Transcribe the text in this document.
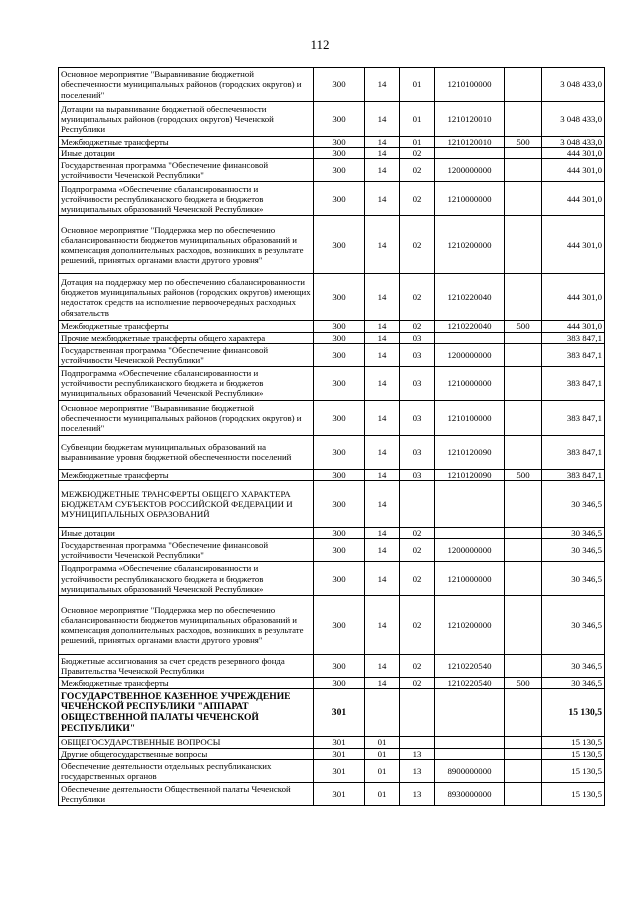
112
Основное мероприятие "Выравнивание бюджетной обеспеченности муниципальных районов (городских округов) и поселений"	300	14	01	1210100000		3 048 433,0
Дотации на выравнивание бюджетной обеспеченности муниципальных районов (городских округов) Чеченской Республики	300	14	01	1210120010		3 048 433,0
Межбюджетные трансферты	300	14	01	1210120010	500	3 048 433,0
Иные дотации	300	14	02			444 301,0
Государственная программа "Обеспечение финансовой устойчивости Чеченской Республики"	300	14	02	1200000000		444 301,0
Подпрограмма «Обеспечение сбалансированности и устойчивости республиканского бюджета и бюджетов муниципальных образований Чеченской Республики»	300	14	02	1210000000		444 301,0
Основное мероприятие "Поддержка мер по обеспечению сбалансированности бюджетов муниципальных образований и компенсация дополнительных расходов, возникших в результате решений, принятых органами власти другого уровня"	300	14	02	1210200000		444 301,0
Дотация на поддержку мер по обеспечению сбалансированности бюджетов муниципальных районов (городских округов) имеющих недостаток средств на исполнение первоочередных расходных обязательств	300	14	02	1210220040		444 301,0
Межбюджетные трансферты	300	14	02	1210220040	500	444 301,0
Прочие межбюджетные трансферты общего характера	300	14	03			383 847,1
Государственная программа "Обеспечение финансовой устойчивости Чеченской Республики"	300	14	03	1200000000		383 847,1
Подпрограмма «Обеспечение сбалансированности и устойчивости республиканского бюджета и бюджетов муниципальных образований Чеченской Республики»	300	14	03	1210000000		383 847,1
Основное мероприятие "Выравнивание бюджетной обеспеченности муниципальных районов (городских округов) и поселений"	300	14	03	1210100000		383 847,1
Субвенции бюджетам муниципальных образований на выравнивание уровня бюджетной обеспеченности поселений	300	14	03	1210120090		383 847,1
Межбюджетные трансферты	300	14	03	1210120090	500	383 847,1
МЕЖБЮДЖЕТНЫЕ ТРАНСФЕРТЫ ОБЩЕГО ХАРАКТЕРА БЮДЖЕТАМ СУБЪЕКТОВ РОССИЙСКОЙ ФЕДЕРАЦИИ И МУНИЦИПАЛЬНЫХ ОБРАЗОВАНИЙ	300	14				30 346,5
Иные дотации	300	14	02			30 346,5
Государственная программа "Обеспечение финансовой устойчивости Чеченской Республики"	300	14	02	1200000000		30 346,5
Подпрограмма «Обеспечение сбалансированности и устойчивости республиканского бюджета и бюджетов муниципальных образований Чеченской Республики»	300	14	02	1210000000		30 346,5
Основное мероприятие "Поддержка мер по обеспечению сбалансированности бюджетов муниципальных образований и компенсация дополнительных расходов, возникших в результате решений, принятых органами власти другого уровня"	300	14	02	1210200000		30 346,5
Бюджетные ассигнования за счет средств резервного фонда Правительства Чеченской Республики	300	14	02	1210220540		30 346,5
Межбюджетные трансферты	300	14	02	1210220540	500	30 346,5
ГОСУДАРСТВЕННОЕ КАЗЕННОЕ УЧРЕЖДЕНИЕ ЧЕЧЕНСКОЙ РЕСПУБЛИКИ "АППАРАТ ОБЩЕСТВЕННОЙ ПАЛАТЫ ЧЕЧЕНСКОЙ РЕСПУБЛИКИ"	301					15 130,5
ОБЩЕГОСУДАРСТВЕННЫЕ ВОПРОСЫ	301	01				15 130,5
Другие общегосударственные вопросы	301	01	13			15 130,5
Обеспечение деятельности отдельных республиканских государственных органов	301	01	13	8900000000		15 130,5
Обеспечение деятельности Общественной палаты Чеченской Республики	301	01	13	8930000000		15 130,5
